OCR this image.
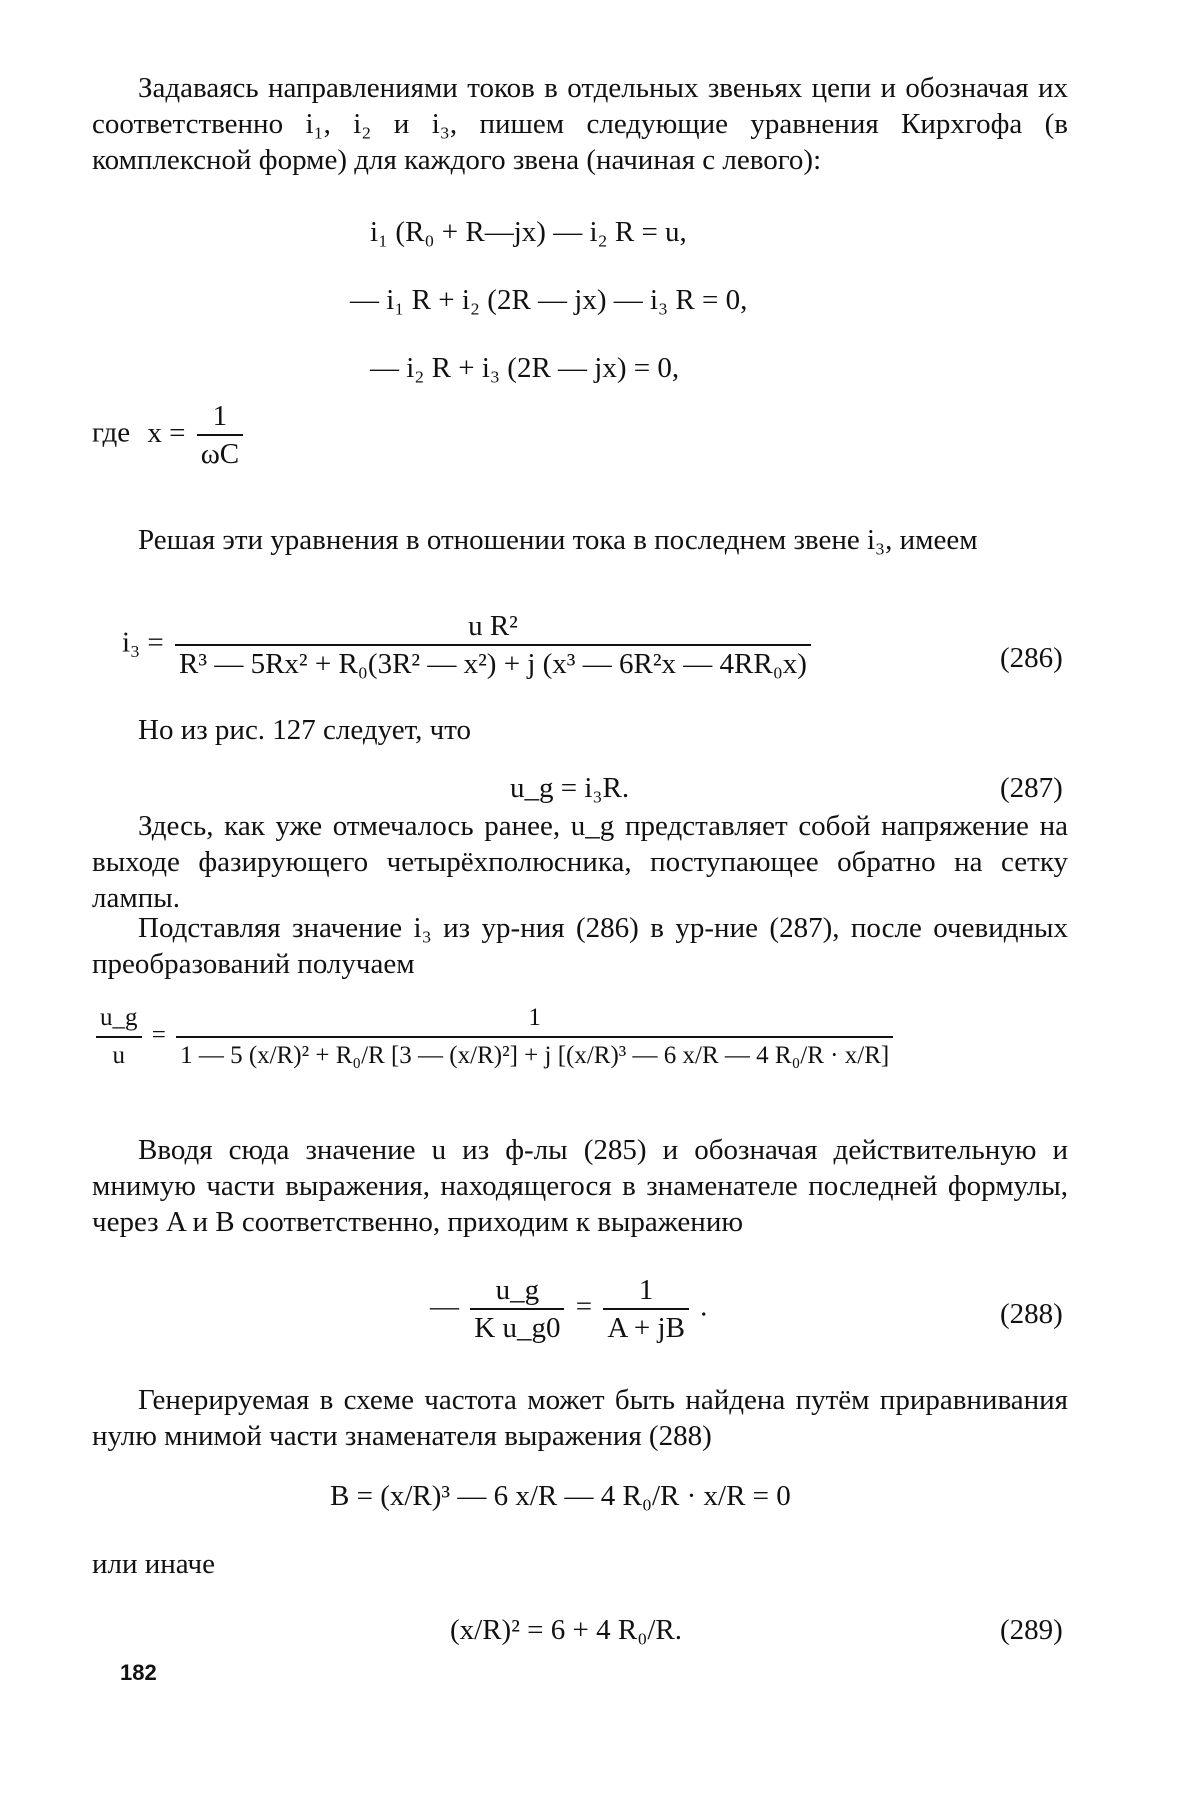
Задаваясь направлениями токов в отдельных звеньях цепи и обозначая их соответственно i₁, i₂ и i₃, пишем следующие уравнения Кирхгофа (в комплексной форме) для каждого звена (начиная с левого):

i₁ (R₀ + R—jx) — i₂ R = u,
— i₁ R + i₂ (2R — jx) — i₃ R = 0,
— i₂ R + i₃ (2R — jx) = 0,
где $x = \frac{1}{\omega C}$

Решая эти уравнения в отношении тока в последнем звене i₃, имеем

$i_3 = \frac{\text{u R²}}{\text{R³ — 5Rx² + R₀(3R² — x²) + j (x³ — 6R²x — 4RR₀x)}}$	(286)

Но из рис. 127 следует, что

u_g = i₃R.	(287)

Здесь, как уже отмечалось ранее, u_g представляет собой напряжение на выходе фазирующего четырёхполюсника, поступающее обратно на сетку лампы.

Подставляя значение i₃ из ур-ния (286) в ур-ние (287), после очевидных преобразований получаем

$\frac{u\_g}{u}$ =
1
1 — 5 (x/R)² + R₀/R [3 — (x/R)²] + j [(x/R)³ — 6 x/R — 4 R₀/R · x/R]

Вводя сюда значение u из ф-лы (285) и обозначая действительную и мнимую части выражения, находящегося в знаменателе последней формулы, через A и B соответственно, приходим к выражению

— $\frac{u\_g}{\text{K u\_g0}} = \frac{1}{A + jB}$ .	(288)

Генерируемая в схеме частота может быть найдена путём приравнивания нулю мнимой части знаменателя выражения (288)

B = (x/R)³ — 6 x/R — 4 R₀/R · x/R = 0

или иначе

(x/R)² = 6 + 4 R₀/R.	(289)
182
